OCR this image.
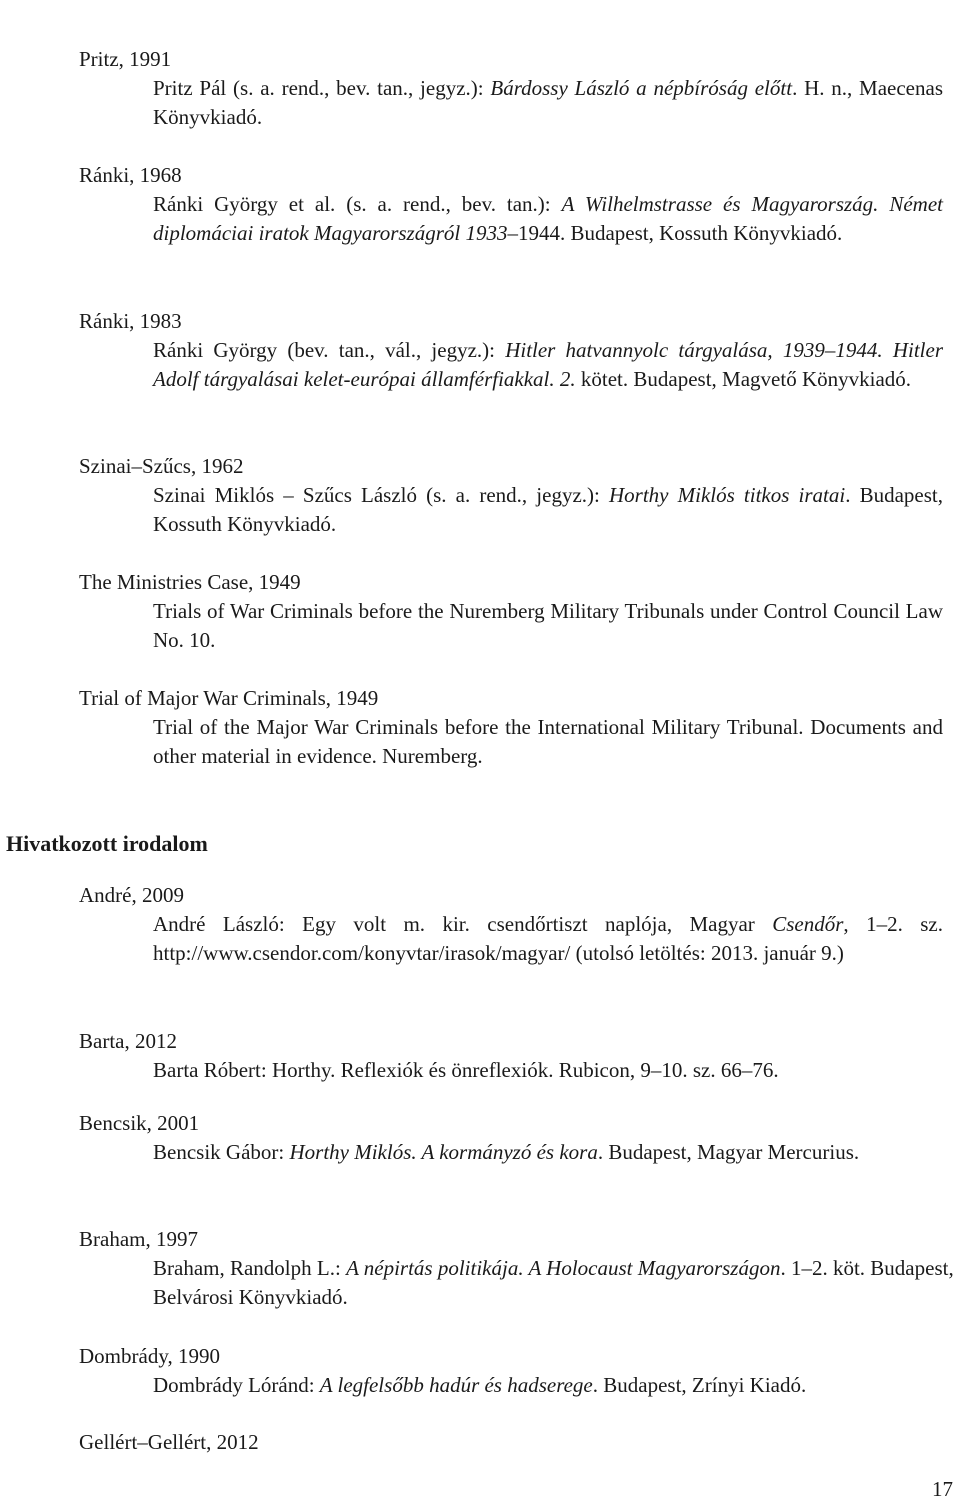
Pritz, 1991
Pritz Pál (s. a. rend., bev. tan., jegyz.): Bárdossy László a népbíróság előtt. H. n., Maecenas Könyvkiadó.
Ránki, 1968
Ránki György et al. (s. a. rend., bev. tan.): A Wilhelmstrasse és Magyarország. Német diplomáciai iratok Magyarországról 1933–1944. Budapest, Kossuth Könyvkiadó.
Ránki, 1983
Ránki György (bev. tan., vál., jegyz.): Hitler hatvannyolc tárgyalása, 1939–1944. Hitler Adolf tárgyalásai kelet-európai államférfiakkal. 2. kötet. Budapest, Magvető Könyvkiadó.
Szinai–Szűcs, 1962
Szinai Miklós – Szűcs László (s. a. rend., jegyz.): Horthy Miklós titkos iratai. Budapest, Kossuth Könyvkiadó.
The Ministries Case, 1949
Trials of War Criminals before the Nuremberg Military Tribunals under Control Council Law No. 10.
Trial of Major War Criminals, 1949
Trial of the Major War Criminals before the International Military Tribunal. Documents and other material in evidence. Nuremberg.
Hivatkozott irodalom
André, 2009
André László: Egy volt m. kir. csendőrtiszt naplója, Magyar Csendőr, 1–2. sz. http://www.csendor.com/konyvtar/irasok/magyar/ (utolsó letöltés: 2013. január 9.)
Barta, 2012
Barta Róbert: Horthy. Reflexiók és önreflexiók. Rubicon, 9–10. sz. 66–76.
Bencsik, 2001
Bencsik Gábor: Horthy Miklós. A kormányzó és kora. Budapest, Magyar Mercurius.
Braham, 1997
Braham, Randolph L.: A népirtás politikája. A Holocaust Magyarországon. 1–2. köt. Budapest, Belvárosi Könyvkiadó.
Dombrády, 1990
Dombrády Lóránd: A legfelsőbb hadúr és hadserege. Budapest, Zrínyi Kiadó.
Gellért–Gellért, 2012
17
